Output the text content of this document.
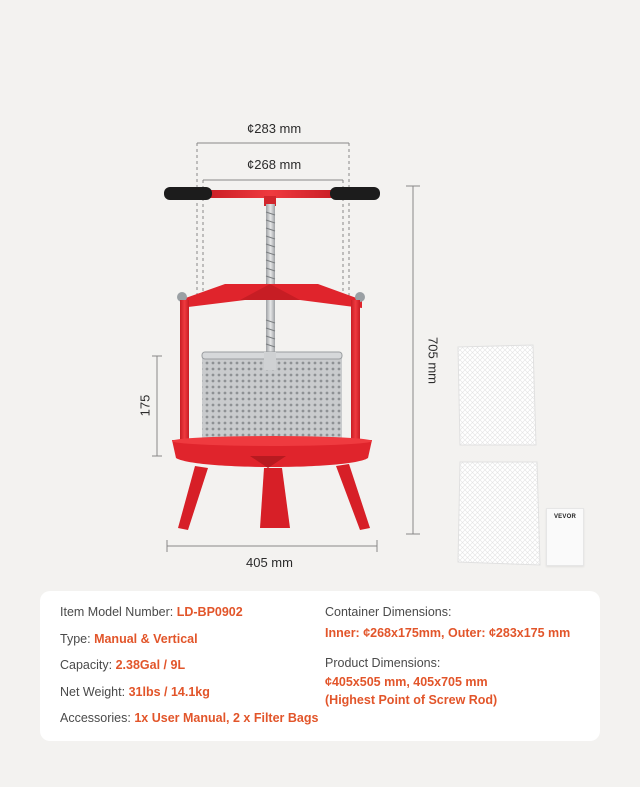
¢283 mm
¢268 mm
705 mm
175
405 mm
VEVOR
Item Model Number: LD-BP0902
Type: Manual & Vertical
Capacity: 2.38Gal / 9L
Net Weight: 31lbs / 14.1kg
Accessories: 1x User Manual, 2 x Filter Bags
Container Dimensions:
Inner: ¢268x175mm, Outer: ¢283x175 mm
Product Dimensions:
¢405x505 mm, 405x705 mm
(Highest Point of Screw Rod)
